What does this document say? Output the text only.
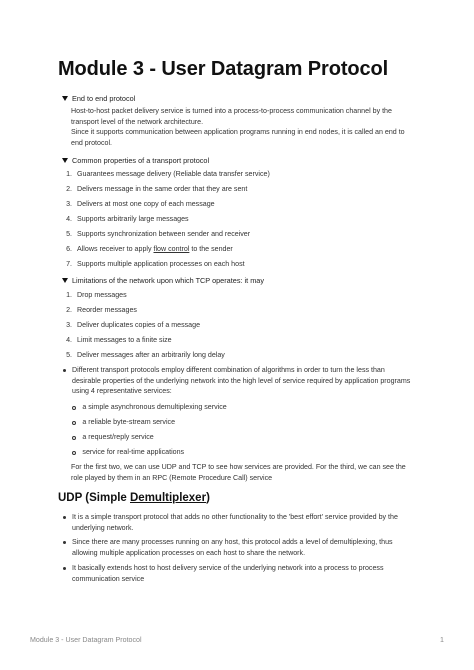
Module 3 - User Datagram Protocol
End to end protocol
Host-to-host packet delivery service is turned into a process-to-process communication channel by the
transport level of the network architecture.
Since it supports communication between application programs running in end nodes, it is called an end to
end protocol.
Common properties of a transport protocol
1. Guarantees message delivery (Reliable data transfer service)
2. Delivers message in the same order that they are sent
3. Delivers at most one copy of each message
4. Supports arbitrarily large messages
5. Supports synchronization between sender and receiver
6. Allows receiver to apply flow control to the sender
7. Supports multiple application processes on each host
Limitations of the network upon which TCP operates: it may
1. Drop messages
2. Reorder messages
3. Deliver duplicates copies of a message
4. Limit messages to a finite size
5. Deliver messages after an arbitrarily long delay
Different transport protocols employ different combination of algorithms in order to turn the less than
desirable properties of the underlying network into the high level of service required by application programs
using 4 representative services:
a simple asynchronous demultiplexing service
a reliable byte-stream service
a request/reply service
service for real-time applications
For the first two, we can use UDP and TCP to see how services are provided. For the third, we can see the
role played by them in an RPC (Remote Procedure Call) service
UDP (Simple Demultiplexer)
It is a simple transport protocol that adds no other functionality to the 'best effort' service provided by the
underlying network.
Since there are many processes running on any host, this protocol adds a level of demultiplexing, thus
allowing multiple application processes on each host to share the network.
It basically extends host to host delivery service of the underlying network into a process to process
communication service
Module 3 - User Datagram Protocol	1
